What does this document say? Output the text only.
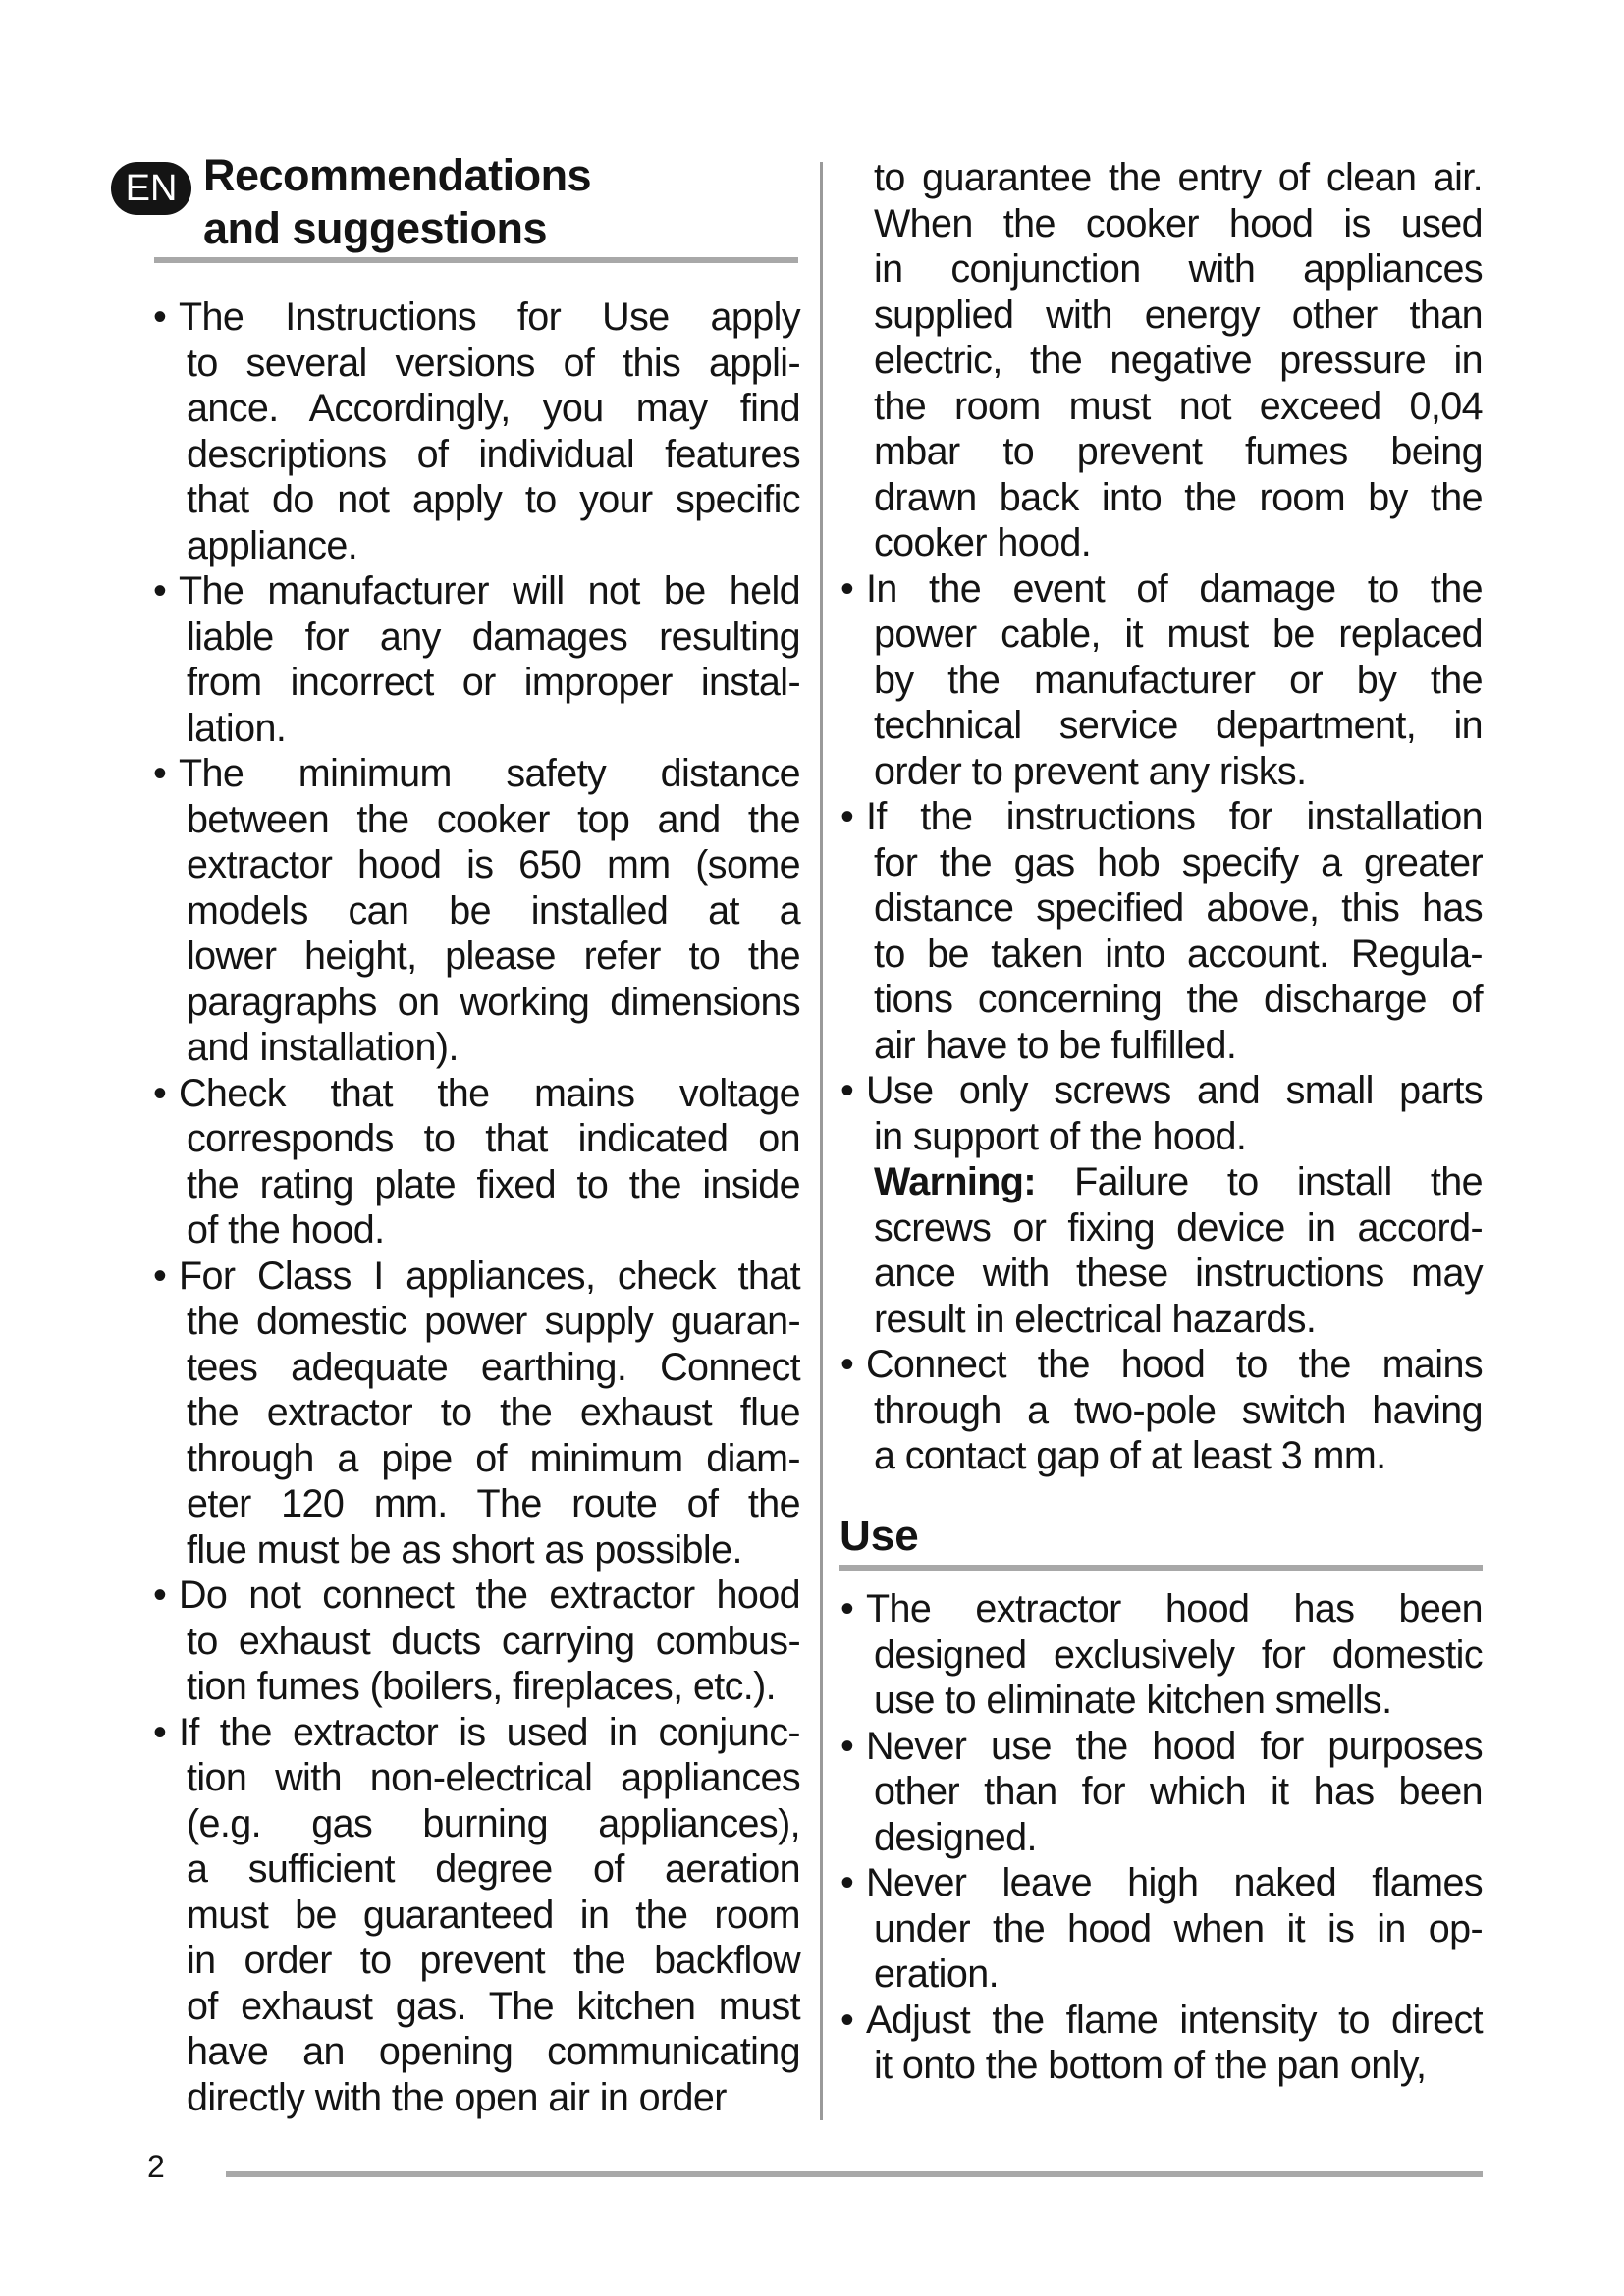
EN Recommendations
and suggestions
• The Instructions for Use apply
to several versions of this appli-
ance. Accordingly, you may find
descriptions of individual features
that do not apply to your specific
appliance.
• The manufacturer will not be held
liable for any damages resulting
from incorrect or improper instal-
lation.
• The minimum safety distance
between the cooker top and the
extractor hood is 650 mm (some
models can be installed at a
lower height, please refer to the
paragraphs on working dimensions
and installation).
• Check that the mains voltage
corresponds to that indicated on
the rating plate fixed to the inside
of the hood.
• For Class I appliances, check that
the domestic power supply guaran-
tees adequate earthing. Connect
the extractor to the exhaust flue
through a pipe of minimum diam-
eter 120 mm. The route of the
flue must be as short as possible.
• Do not connect the extractor hood
to exhaust ducts carrying combus-
tion fumes (boilers, fireplaces, etc.).
• If the extractor is used in conjunc-
tion with non-electrical appliances
(e.g. gas burning appliances),
a sufficient degree of aeration
must be guaranteed in the room
in order to prevent the backflow
of exhaust gas. The kitchen must
have an opening communicating
directly with the open air in order
to guarantee the entry of clean air.
When the cooker hood is used
in conjunction with appliances
supplied with energy other than
electric, the negative pressure in
the room must not exceed 0,04
mbar to prevent fumes being
drawn back into the room by the
cooker hood.
• In the event of damage to the
power cable, it must be replaced
by the manufacturer or by the
technical service department, in
order to prevent any risks.
• If the instructions for installation
for the gas hob specify a greater
distance specified above, this has
to be taken into account. Regula-
tions concerning the discharge of
air have to be fulfilled.
• Use only screws and small parts
in support of the hood.
Warning: Failure to install the
screws or fixing device in accord-
ance with these instructions may
result in electrical hazards.
• Connect the hood to the mains
through a two-pole switch having
a contact gap of at least 3 mm.
• The extractor hood has been
designed exclusively for domestic
use to eliminate kitchen smells.
• Never use the hood for purposes
other than for which it has been
designed.
• Never leave high naked flames
under the hood when it is in op-
eration.
• Adjust the flame intensity to direct
it onto the bottom of the pan only,
Use
2
